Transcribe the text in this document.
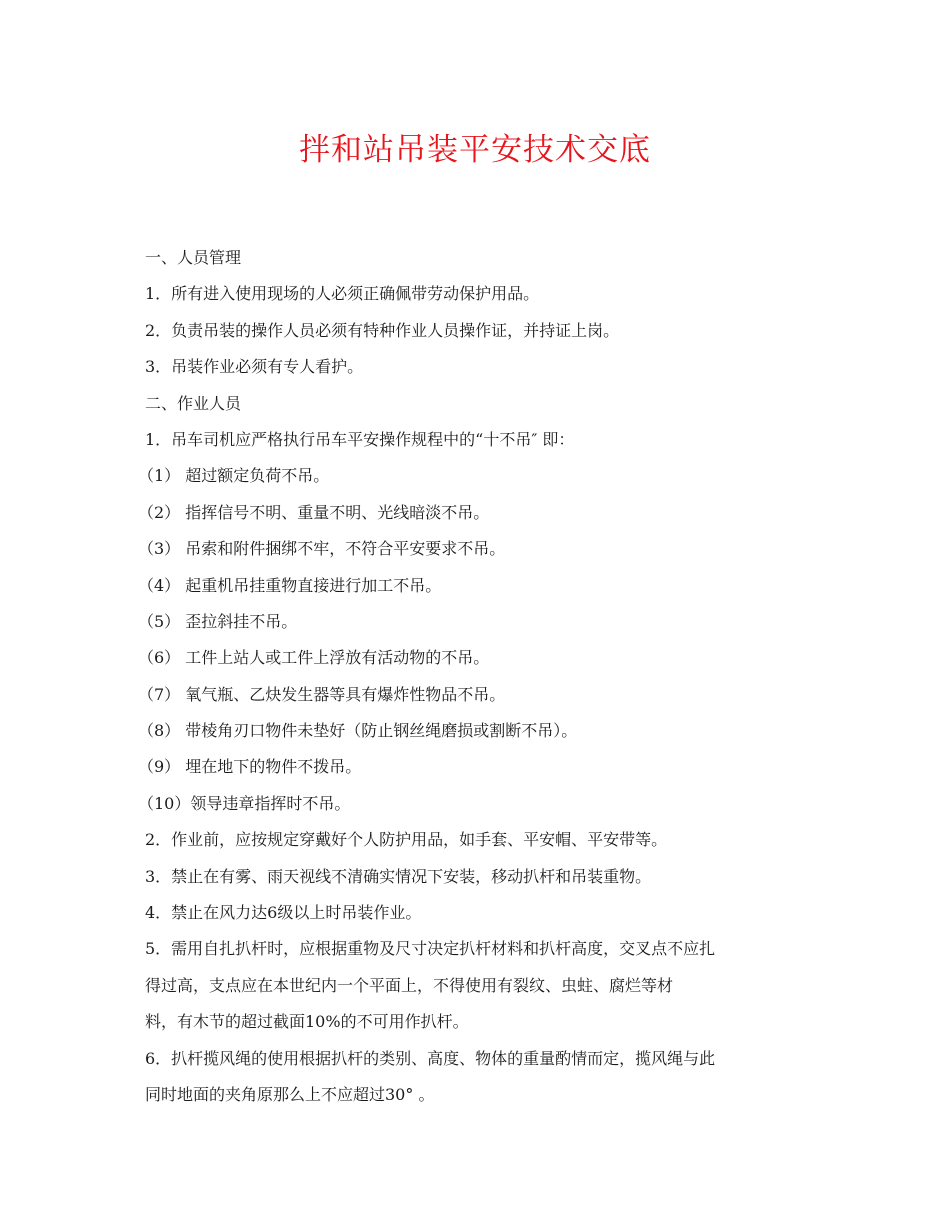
拌和站吊装平安技术交底
一、人员管理
1．所有进入使用现场的人必须正确佩带劳动保护用品。
2．负责吊装的操作人员必须有特种作业人员操作证，并持证上岗。
3．吊装作业必须有专人看护。
二、作业人员
1．吊车司机应严格执行吊车平安操作规程中的“十不吊″ 即：
（1） 超过额定负荷不吊。
（2） 指挥信号不明、重量不明、光线暗淡不吊。
（3） 吊索和附件捆绑不牢，不符合平安要求不吊。
（4） 起重机吊挂重物直接进行加工不吊。
（5） 歪拉斜挂不吊。
（6） 工件上站人或工件上浮放有活动物的不吊。
（7） 氧气瓶、乙炔发生器等具有爆炸性物品不吊。
（8） 带棱角刃口物件未垫好（防止钢丝绳磨损或割断不吊）。
（9） 埋在地下的物件不拨吊。
（10）领导违章指挥时不吊。
2．作业前，应按规定穿戴好个人防护用品，如手套、平安帽、平安带等。
3．禁止在有雾、雨天视线不清确实情况下安装，移动扒杆和吊装重物。
4．禁止在风力达6级以上时吊装作业。
5．需用自扎扒杆时，应根据重物及尺寸决定扒杆材料和扒杆高度，交叉点不应扎
得过高，支点应在本世纪内一个平面上，不得使用有裂纹、虫蛀、腐烂等材
料，有木节的超过截面10%的不可用作扒杆。
6．扒杆揽风绳的使用根据扒杆的类别、高度、物体的重量酌情而定，揽风绳与此
同时地面的夹角原那么上不应超过30° 。
